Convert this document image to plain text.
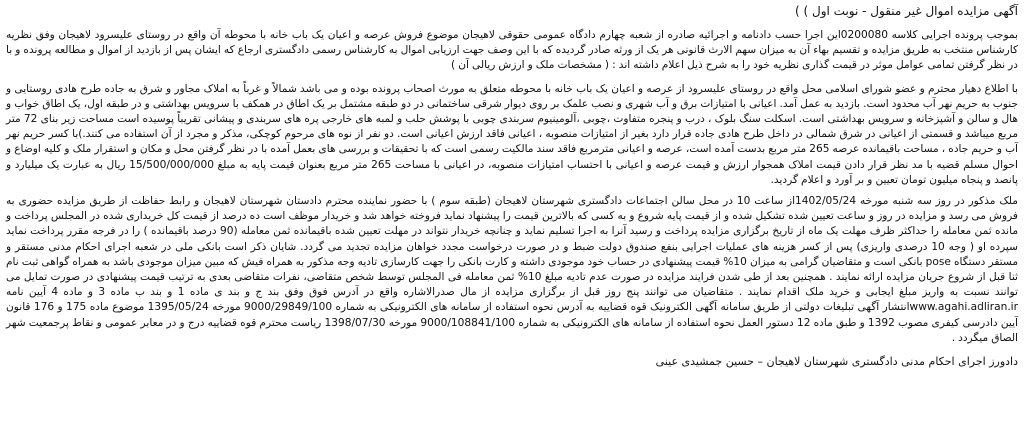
آگهی مزایده اموال غیر منقول - نوبت اول ) )

بموجب پرونده اجرایی کلاسه 0200080این اجرا حسب دادنامه و اجرائیه صادره از شعبه چهارم دادگاه عمومی حقوقی لاهیجان موضوع فروش عرصه و اعیان یک باب خانه با محوطه آن واقع در روستای علیسرود لاهیجان وفق نظریه کارشناس منتخب به طریق مزایده و تقسیم بهاء آن به میزان سهم الارث قانونی هر یک از ورثه صادر گردیده که با این وصف جهت ارزیابی اموال به کارشناس رسمی دادگستری ارجاع که ایشان پس از بازدید از اموال و مطالعه پرونده و با در نظر گرفتن تمامی عوامل موثر در قیمت گذاری نظریه خود را به شرح ذیل اعلام داشته اند : ( مشخصات ملک و ارزش ریالی آن )

با اطلاع دهیار محترم و عضو شورای اسلامی محل واقع در روستای علیسرود از عرصه و اعیان یک باب خانه با محوطه متعلق به مورث اصحاب پرونده بوده و می باشد شمالاً و غرباً به املاک مجاور و شرق به جاده طرح هادی روستایی و جنوب به حریم نهر آب محدود است. بازدید به عمل آمد. اعیانی با امتیازات برق و آب شهری و نصب علمک بر روی دیوار شرقی ساختمانی در دو طبقه مشتمل بر یک اطاق در همکف با سرویس بهداشتی و در طبقه اول، یک اطاق خواب و هال و سالن و آشپزخانه و سرویس بهداشتی است. اسکلت سنگ بلوک ، درب و پنجره متفاوت ،چوبی ،آلومینیوم سربندی چوبی با پوشش حلب و لمبه های خارجی پره های سربندی و پیشانی تقریباً پوسیده است مساحت زیر بنای 72 متر مربع میباشد و قسمتی از اعیانی در شرق شمالی در داخل طرح هادی جاده قرار دارد بغیر از امتیازات منصوبه ، اعیانی فاقد ارزش اعیانی است. دو نفر از نوه های مرحوم کوچکی، مذکر و مجرد از آن استفاده می کنند.)با کسر حریم نهر آب و حریم جاده ، مساحت باقیمانده عرصه 265 متر مربع بدست آمده است، عرصه و اعیانی مترمربع فاقد سند مالکیت رسمی است که با تحقیقات و بررسی های بعمل آمده با در نظر گرفتن محل و مکان و استقرار ملک و کلیه اوضاع و احوال مسلم قضیه با مد نظر قرار دادن قیمت املاک همجوار ارزش و قیمت عرصه و اعیانی با احتساب امتیازات منصوبه، در اعیانی با مساحت 265 متر مربع بعنوان قیمت پایه به مبلغ 15/500/000/000 ریال به عبارت یک میلیارد و پانصد و پنجاه میلیون تومان تعیین و بر آورد و اعلام گردید.

ملک مذکور در روز سه شنبه مورخه 1402/05/24از ساعت 10 در محل سالن اجتماعات دادگستری شهرستان لاهیجان (طبقه سوم ) با حضور نماینده محترم دادستان شهرستان لاهیجان و رابط حفاظت از طریق مزایده حضوری به فروش می رسد و مزایده در روز و ساعت تعیین شده تشکیل شده و از قیمت پایه شروع و به کسی که بالاترین قیمت را پیشنهاد نماید فروخته خواهد شد و خریدار موظف است ده درصد از قیمت کل خریداری شده در المجلس پرداخت و مانده ثمن معامله را حداکثر ظرف مهلت یک ماه از تاریخ برگزاری مزایده پرداخت و رسید آنرا به اجرا تسلیم نماید و چنانچه خریدار نتواند در مهلت تعیین شده باقیمانده ثمن معامله (90 درصد باقیمانده ) را در فرجه مقرر پرداخت نماید سپرده او ( وجه 10 درصدی واریزی) پس از کسر هزینه های عملیات اجرایی بنفع صندوق دولت ضبط و در صورت درخواست مجدد خواهان مزایده تجدید می گردد. شایان ذکر است بانکی ملی در شعبه اجرای احکام مدنی مستقر و مستقر دستگاه pose بانکی است و متقاضیان گرامی به میزان 10% قیمت پیشنهادی در حساب خود موجودی داشته و کارت بانکی را جهت کارسازی تادیه وجه مذکور به همراه فیش که مبین میزان موجودی باشد به همراه گواهی ثبت نام ثنا قبل از شروع جریان مزایده ارائه نمایند . همچنین بعد از طی شدن فرایند مزایده در صورت عدم تادیه مبلغ 10% ثمن معامله فی المجلس توسط شخص متقاضی، نفرات متقاضی بعدی به ترتیب قیمت پیشنهادی در صورت تمایل می توانند نسبت به واریز مبلغ ایجابی و خرید ملک اقدام نمایند . متقاضیان می توانند پنج روز قبل از برگزاری مزایده از مال صدرالاشاره واقع در آدرس فوق وفق بند ج و بند ی ماده 1 و بند ب ماده 3 و ماده 4 آیین نامه www.agahi.adliran.irانتشار آگهی تبلیغات دولتی از طریق سامانه آگهی الکترونیک قوه قضاییه به آدرس نحوه استفاده از سامانه های الکترونیکی به شماره 9000/29849/100 مورخه 1395/05/24 موضوع ماده 175 و 176 قانون آیین دادرسی کیفری مصوب 1392 و طبق ماده 12 دستور العمل نحوه استفاده از سامانه های الکترونیکی به شماره 9000/108841/100 مورخه 1398/07/30 ریاست محترم قوه قضاییه درج و در معابر عمومی و نقاط پرجمعیت شهر الصاق میگردد .

دادورز اجرای احکام مدنی دادگستری شهرستان لاهیجان – حسین جمشیدی عینی
